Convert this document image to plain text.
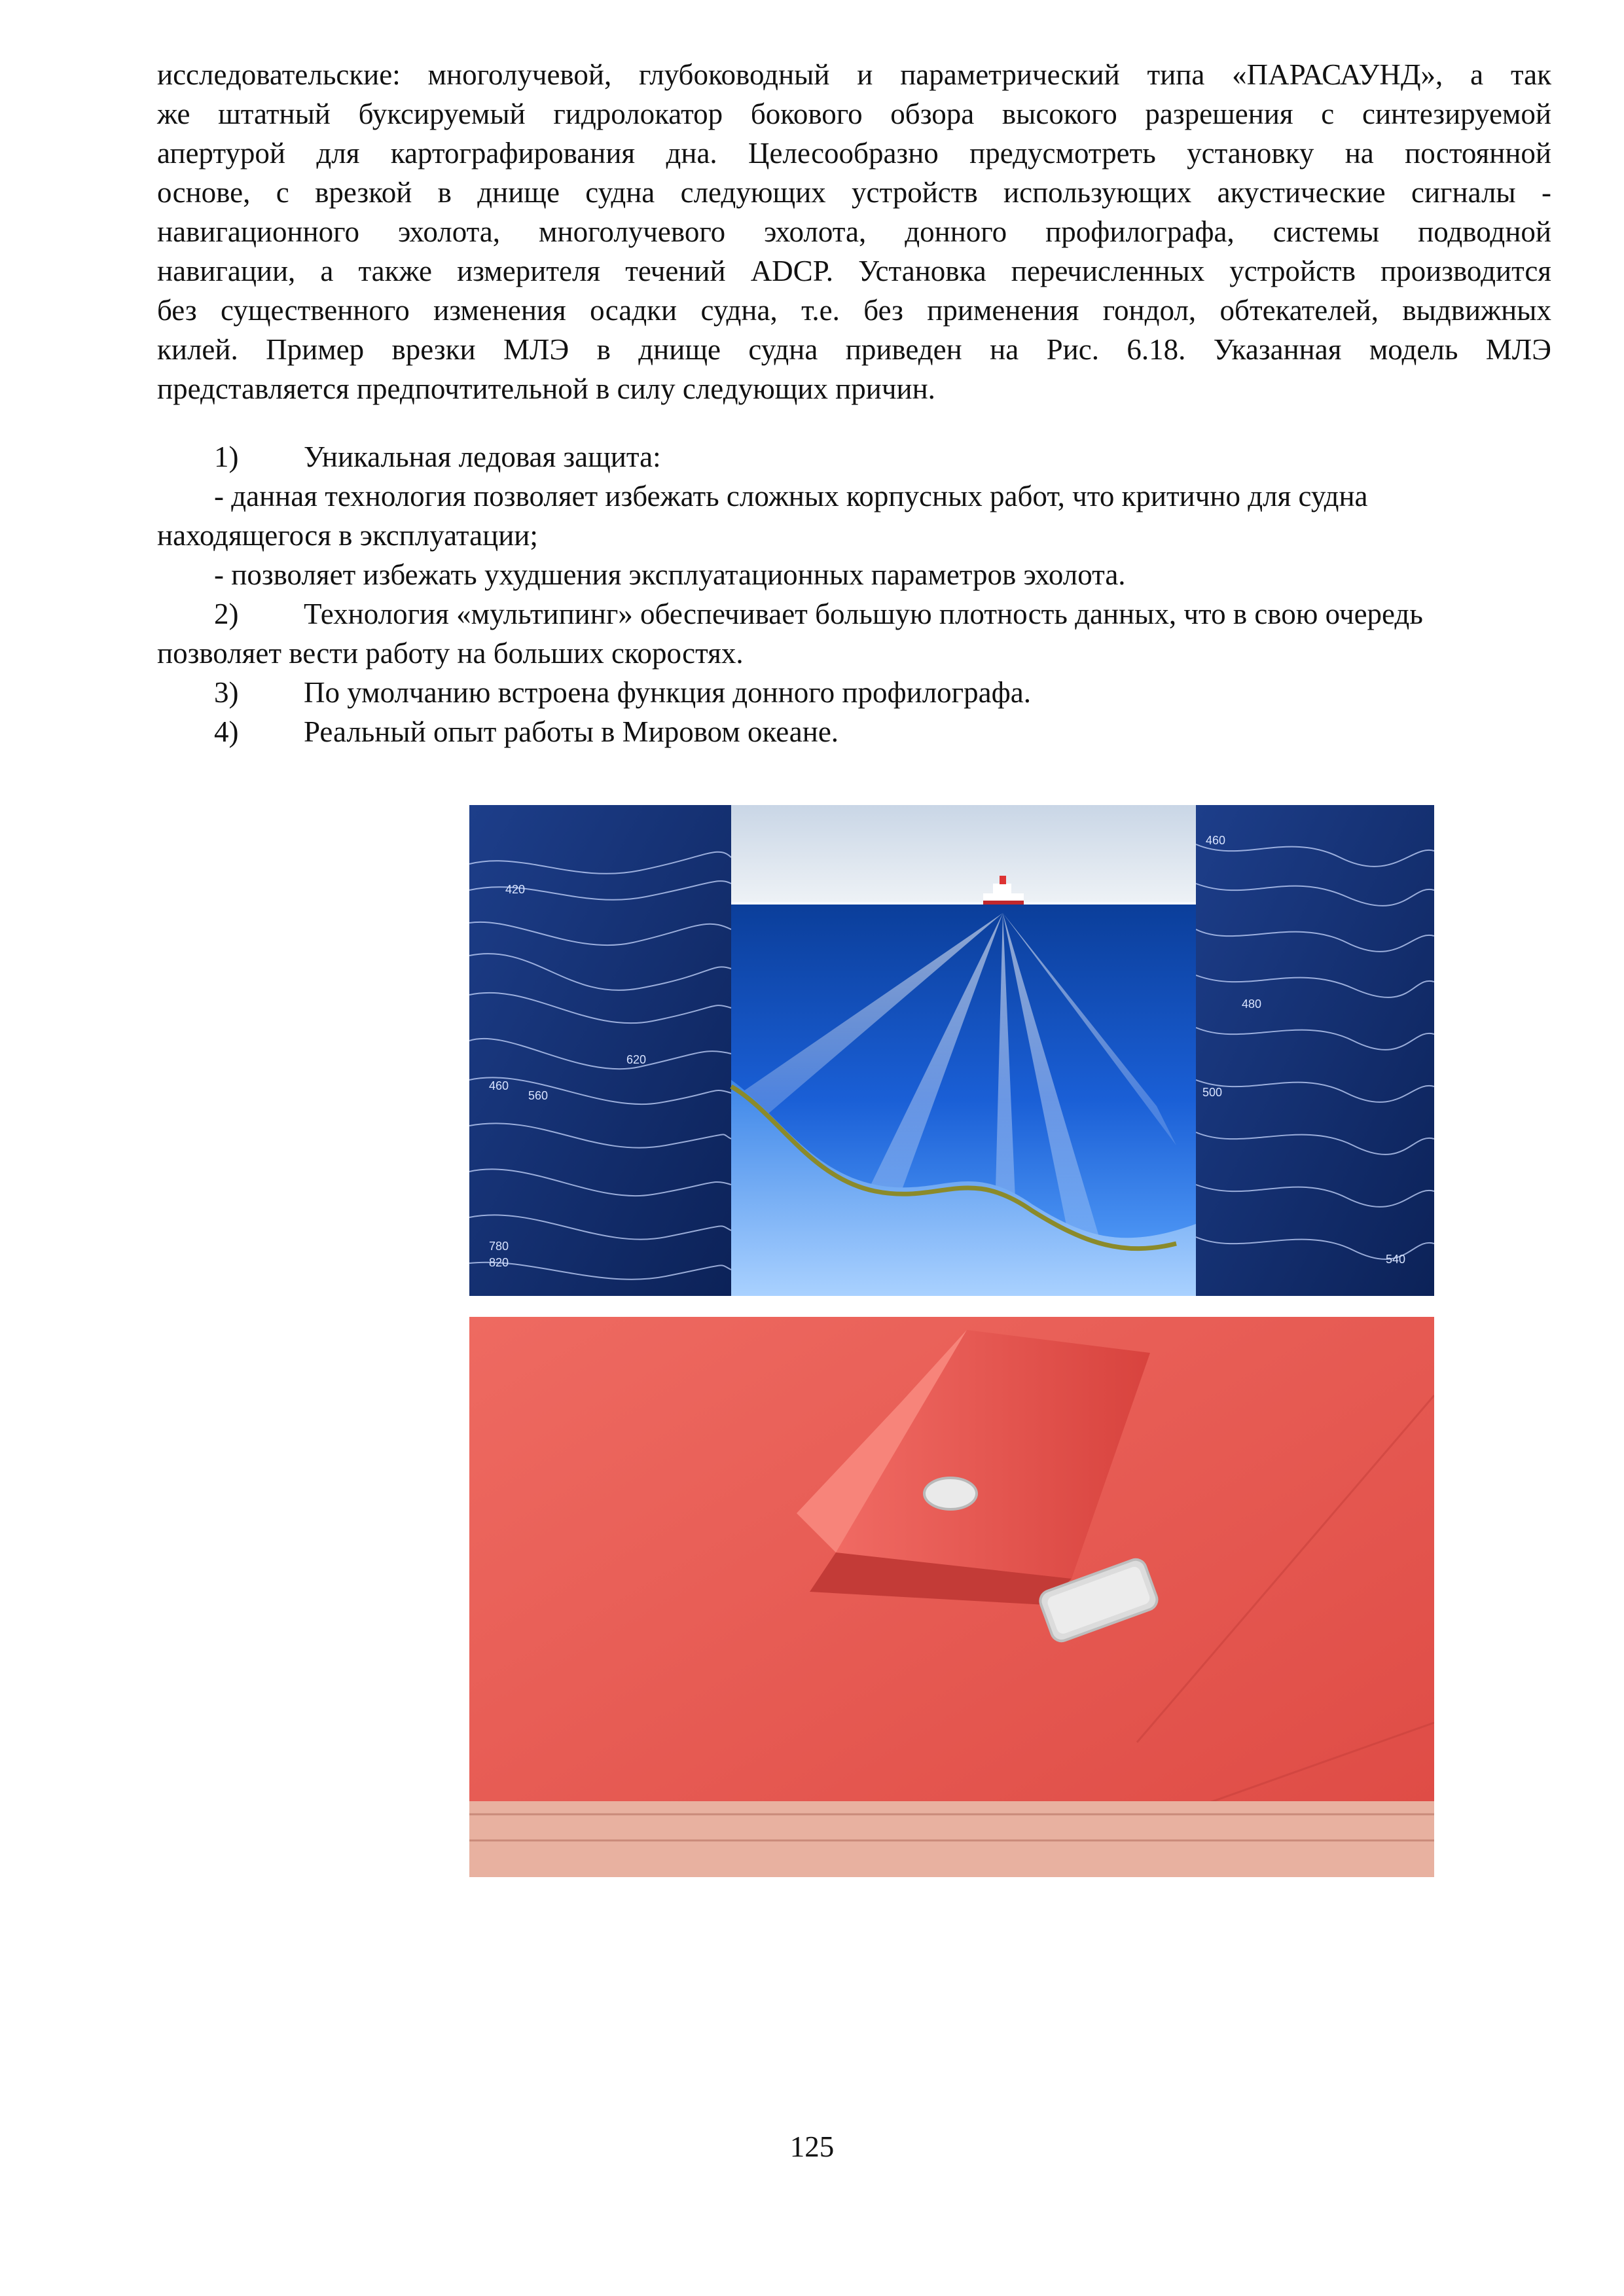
исследовательские: многолучевой, глубоководный и параметрический типа «ПАРАСАУНД», а так
же штатный буксируемый гидролокатор бокового обзора высокого разрешения с синтезируемой
апертурой для картографирования дна. Целесообразно предусмотреть установку на постоянной
основе, с врезкой в днище судна следующих устройств использующих акустические сигналы -
навигационного эхолота, многолучевого эхолота, донного профилографа, системы подводной
навигации, а также измерителя течений ADCP. Установка перечисленных устройств производится
без существенного изменения осадки судна, т.е. без применения гондол, обтекателей, выдвижных
килей. Пример врезки МЛЭ в днище судна приведен на Рис. 6.18. Указанная модель МЛЭ
представляется предпочтительной в силу следующих причин.
1)	Уникальная ледовая защита:
- данная технология позволяет избежать сложных корпусных работ, что критично для судна
находящегося в эксплуатации;
- позволяет избежать ухудшения эксплуатационных параметров эхолота.
2)	Технология «мультипинг» обеспечивает большую плотность данных, что в свою очередь
позволяет вести работу на больших скоростях.
3)	По умолчанию встроена функция донного профилографа.
4)	Реальный опыт работы в Мировом океане.
420
460
560
620
780
820
460
480
500
540
125
